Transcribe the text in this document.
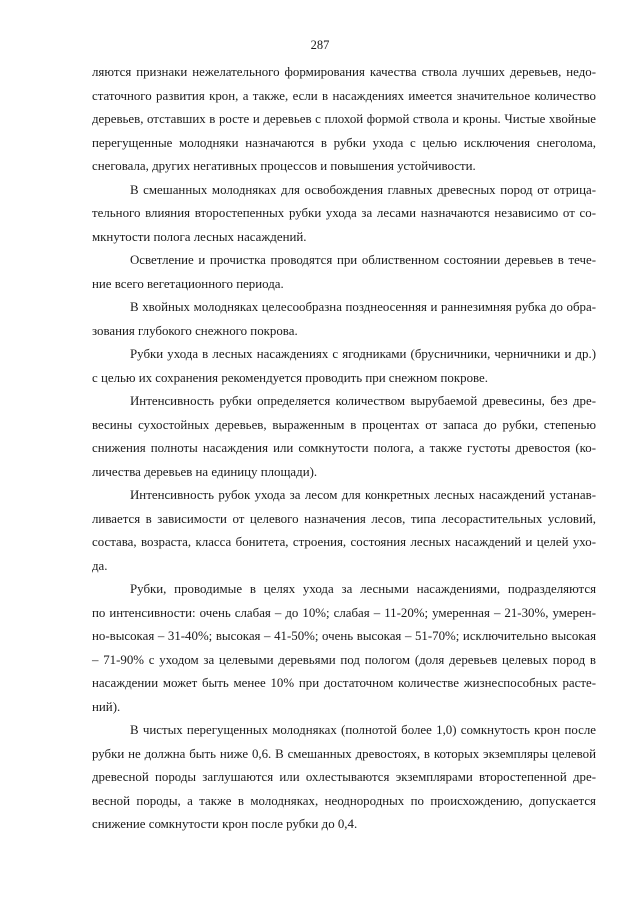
287
ляются признаки нежелательного формирования качества ствола лучших деревьев, недо-
статочного развития крон, а также, если в насаждениях имеется значительное количество
деревьев, отставших в росте и деревьев с плохой формой ствола и кроны. Чистые хвойные
перегущенные молодняки назначаются в рубки ухода с целью исключения снеголома,
снеговала, других негативных процессов и повышения устойчивости.
В смешанных молодняках для освобождения главных древесных пород от отрица-
тельного влияния второстепенных рубки ухода за лесами назначаются независимо от со-
мкнутости полога лесных насаждений.
Осветление и прочистка проводятся при облиственном состоянии деревьев в тече-
ние всего вегетационного периода.
В хвойных молодняках целесообразна позднеосенняя и раннезимняя рубка до обра-
зования глубокого снежного покрова.
Рубки ухода в лесных насаждениях с ягодниками (брусничники, черничники и др.)
с целью их сохранения рекомендуется проводить при снежном покрове.
Интенсивность рубки определяется количеством вырубаемой древесины, без дре-
весины сухостойных деревьев, выраженным в процентах от запаса до рубки, степенью
снижения полноты насаждения или сомкнутости полога, а также густоты древостоя (ко-
личества деревьев на единицу площади).
Интенсивность рубок ухода за лесом для конкретных лесных насаждений устанав-
ливается в зависимости от целевого назначения лесов, типа лесорастительных условий,
состава, возраста, класса бонитета, строения, состояния лесных насаждений и целей ухо-
да.
Рубки, проводимые в целях ухода за лесными насаждениями, подразделяются
по интенсивности: очень слабая – до 10%; слабая – 11-20%; умеренная – 21-30%, умерен-
но-высокая – 31-40%; высокая – 41-50%; очень высокая – 51-70%; исключительно высокая
– 71-90% с уходом за целевыми деревьями под пологом (доля деревьев целевых пород в
насаждении может быть менее 10% при достаточном количестве жизнеспособных расте-
ний).
В чистых перегущенных молодняках (полнотой более 1,0) сомкнутость крон после
рубки не должна быть ниже 0,6. В смешанных древостоях, в которых экземпляры целевой
древесной породы заглушаются или охлестываются экземплярами второстепенной дре-
весной породы, а также в молодняках, неоднородных по происхождению, допускается
снижение сомкнутости крон после рубки до 0,4.
